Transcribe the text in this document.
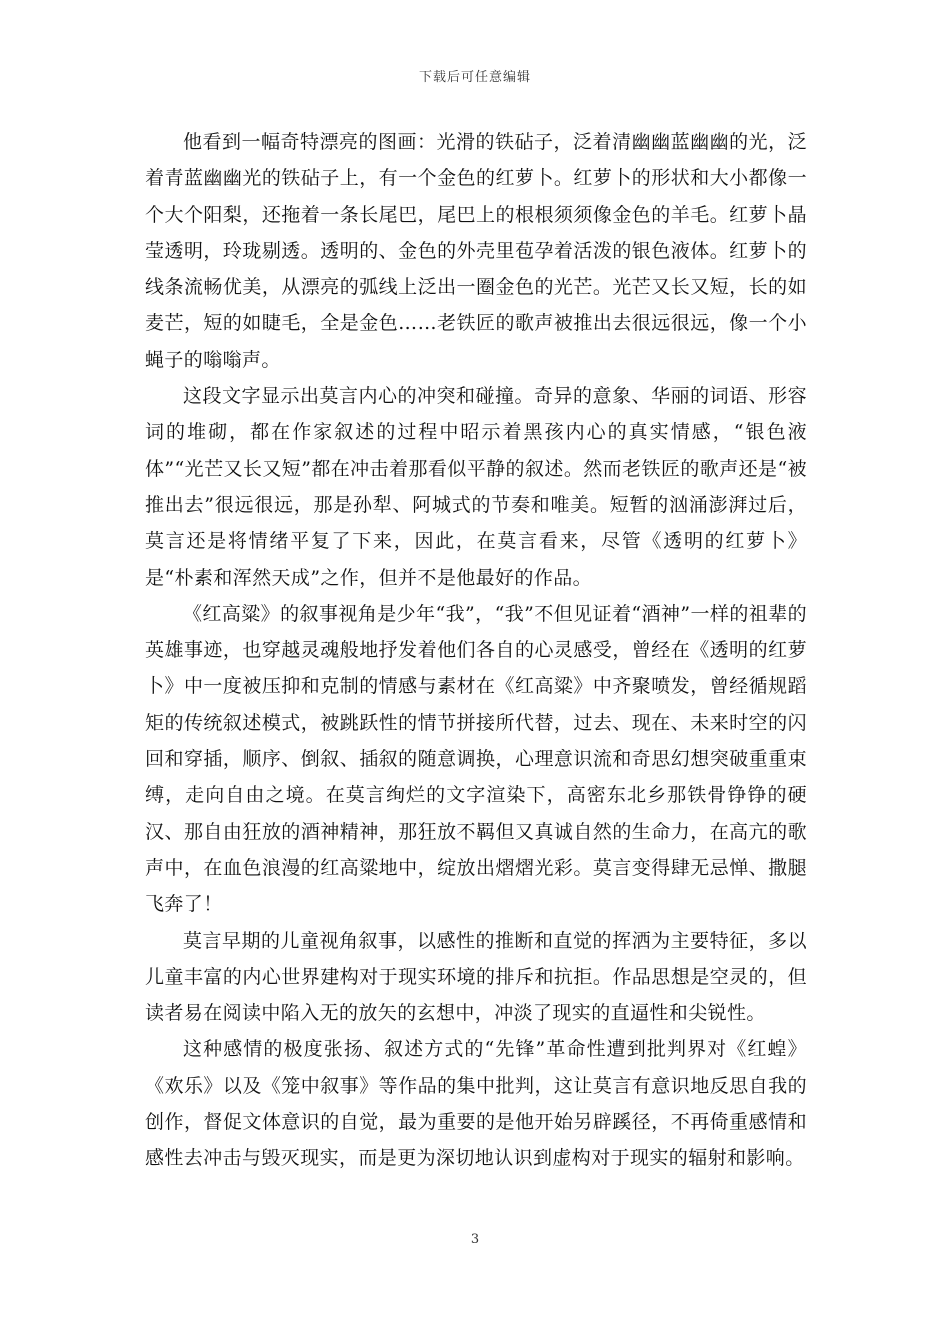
下载后可任意编辑

他看到一幅奇特漂亮的图画：光滑的铁砧子，泛着清幽幽蓝幽幽的光，泛着青蓝幽幽光的铁砧子上，有一个金色的红萝卜。红萝卜的形状和大小都像一个大个阳梨，还拖着一条长尾巴，尾巴上的根根须须像金色的羊毛。红萝卜晶莹透明，玲珑剔透。透明的、金色的外壳里苞孕着活泼的银色液体。红萝卜的线条流畅优美，从漂亮的弧线上泛出一圈金色的光芒。光芒又长又短，长的如麦芒，短的如睫毛，全是金色……老铁匠的歌声被推出去很远很远，像一个小蝇子的嗡嗡声。

这段文字显示出莫言内心的冲突和碰撞。奇异的意象、华丽的词语、形容词的堆砌，都在作家叙述的过程中昭示着黑孩内心的真实情感，“银色液体”“光芒又长又短”都在冲击着那看似平静的叙述。然而老铁匠的歌声还是“被推出去”很远很远，那是孙犁、阿城式的节奏和唯美。短暂的汹涌澎湃过后，莫言还是将情绪平复了下来，因此，在莫言看来，尽管《透明的红萝卜》是“朴素和浑然天成”之作，但并不是他最好的作品。

《红高粱》的叙事视角是少年“我”，“我”不但见证着“酒神”一样的祖辈的英雄事迹，也穿越灵魂般地抒发着他们各自的心灵感受，曾经在《透明的红萝卜》中一度被压抑和克制的情感与素材在《红高粱》中齐聚喷发，曾经循规蹈矩的传统叙述模式，被跳跃性的情节拼接所代替，过去、现在、未来时空的闪回和穿插，顺序、倒叙、插叙的随意调换，心理意识流和奇思幻想突破重重束缚，走向自由之境。在莫言绚烂的文字渲染下，高密东北乡那铁骨铮铮的硬汉、那自由狂放的酒神精神，那狂放不羁但又真诚自然的生命力，在高亢的歌声中，在血色浪漫的红高粱地中，绽放出熠熠光彩。莫言变得肆无忌惮、撒腿飞奔了！

莫言早期的儿童视角叙事，以感性的推断和直觉的挥洒为主要特征，多以儿童丰富的内心世界建构对于现实环境的排斥和抗拒。作品思想是空灵的，但读者易在阅读中陷入无的放矢的玄想中，冲淡了现实的直逼性和尖锐性。

这种感情的极度张扬、叙述方式的“先锋”革命性遭到批判界对《红蝗》《欢乐》以及《笼中叙事》等作品的集中批判，这让莫言有意识地反思自我的创作，督促文体意识的自觉，最为重要的是他开始另辟蹊径，不再倚重感情和感性去冲击与毁灭现实，而是更为深切地认识到虚构对于现实的辐射和影响。

3
